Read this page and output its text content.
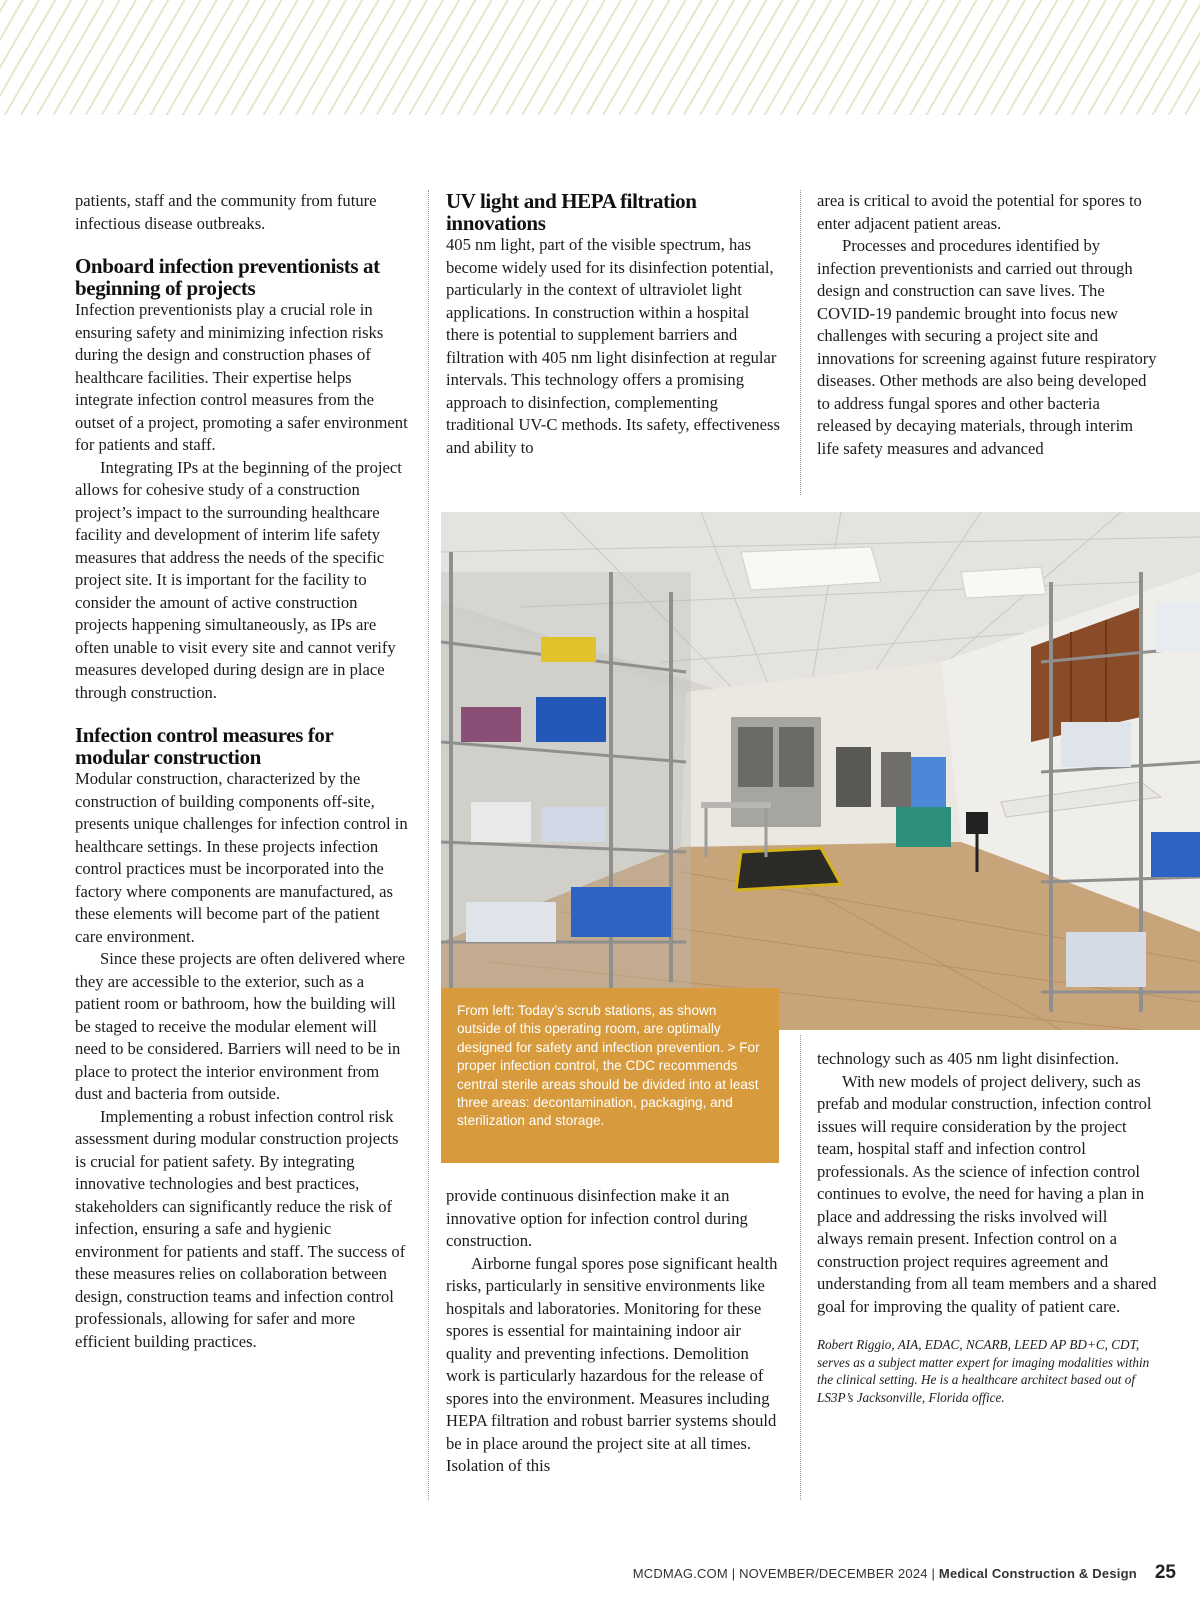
patients, staff and the community from future infectious disease outbreaks.

Onboard infection preventionists at beginning of projects

Infection preventionists play a crucial role in ensuring safety and minimizing infection risks during the design and construction phases of healthcare facilities. Their expertise helps integrate infection control measures from the outset of a project, promoting a safer environment for patients and staff.

Integrating IPs at the beginning of the project allows for cohesive study of a construction project’s impact to the surrounding healthcare facility and development of interim life safety measures that address the needs of the specific project site. It is important for the facility to consider the amount of active construction projects happening simultaneously, as IPs are often unable to visit every site and cannot verify measures developed during design are in place through construction.

Infection control measures for modular construction

Modular construction, characterized by the construction of building components off-site, presents unique challenges for infection control in healthcare settings. In these projects infection control practices must be incorporated into the factory where components are manufactured, as these elements will become part of the patient care environment.

Since these projects are often delivered where they are accessible to the exterior, such as a patient room or bathroom, how the building will be staged to receive the modular element will need to be considered. Barriers will need to be in place to protect the interior environment from dust and bacteria from outside.

Implementing a robust infection control risk assessment during modular construction projects is crucial for patient safety. By integrating innovative technologies and best practices, stakeholders can significantly reduce the risk of infection, ensuring a safe and hygienic environment for patients and staff. The success of these measures relies on collaboration between design, construction teams and infection control professionals, allowing for safer and more efficient building practices.

UV light and HEPA filtration innovations

405 nm light, part of the visible spectrum, has become widely used for its disinfection potential, particularly in the context of ultraviolet light applications. In construction within a hospital there is potential to supplement barriers and filtration with 405 nm light disinfection at regular intervals. This technology offers a promising approach to disinfection, complementing traditional UV-C methods. Its safety, effectiveness and ability to

area is critical to avoid the potential for spores to enter adjacent patient areas.

Processes and procedures identified by infection preventionists and carried out through design and construction can save lives. The COVID-19 pandemic brought into focus new challenges with securing a project site and innovations for screening against future respiratory diseases. Other methods are also being developed to address fungal spores and other bacteria released by decaying materials, through interim life safety measures and advanced

From left: Today’s scrub stations, as shown outside of this operating room, are optimally designed for safety and infection prevention. > For proper infection control, the CDC recommends central sterile areas should be divided into at least three areas: decontamination, packaging, and sterilization and storage.

provide continuous disinfection make it an innovative option for infection control during construction.

Airborne fungal spores pose significant health risks, particularly in sensitive environments like hospitals and laboratories. Monitoring for these spores is essential for maintaining indoor air quality and preventing infections. Demolition work is particularly hazardous for the release of spores into the environment. Measures including HEPA filtration and robust barrier systems should be in place around the project site at all times. Isolation of this

technology such as 405 nm light disinfection.

With new models of project delivery, such as prefab and modular construction, infection control issues will require consideration by the project team, hospital staff and infection control professionals. As the science of infection control continues to evolve, the need for having a plan in place and addressing the risks involved will always remain present. Infection control on a construction project requires agreement and understanding from all team members and a shared goal for improving the quality of patient care.

Robert Riggio, AIA, EDAC, NCARB, LEED AP BD+C, CDT, serves as a subject matter expert for imaging modalities within the clinical setting. He is a healthcare architect based out of LS3P’s Jacksonville, Florida office.

MCDMAG.COM | NOVEMBER/DECEMBER 2024 | Medical Construction & Design 25
